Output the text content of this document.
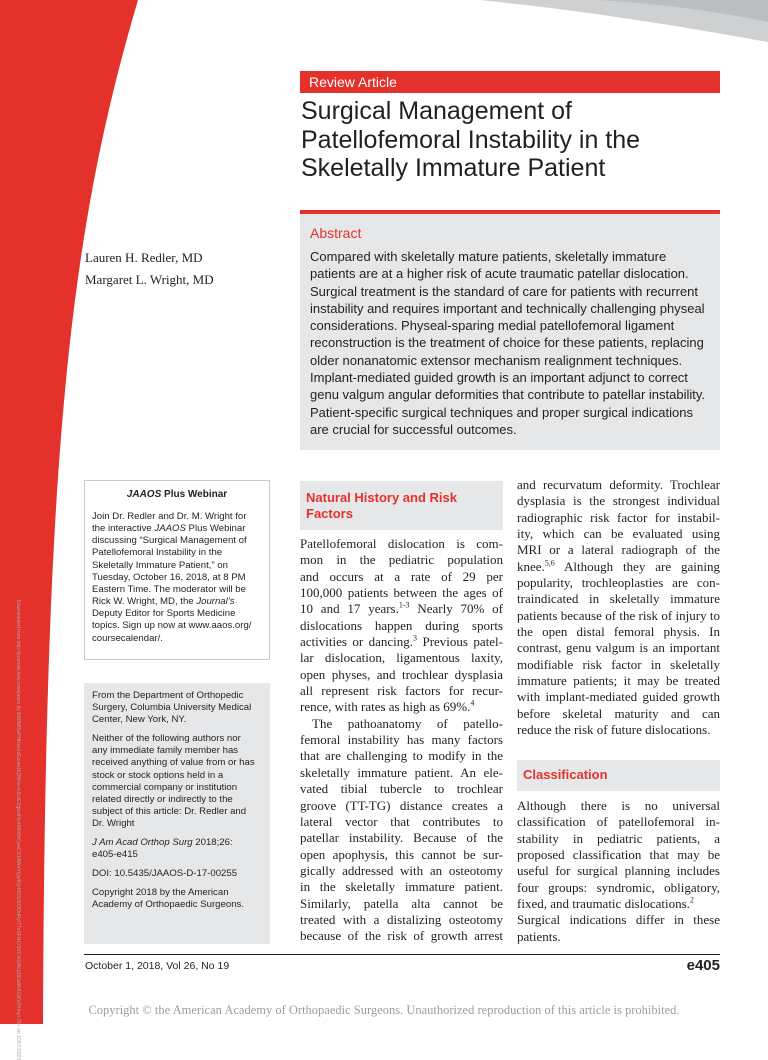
Downloaded from http://journals.lww.com/jaaos by BhDMf5ePHKav1zEoum1tQfN4a+kJLhEZgbsIHo4XMi0hCywCX1AWnYQp/IlQrHD3i3D0OdRyi7TvSFl4Cf3VC4/OAVpDDa8KKGKV0Ymy+78= on 10/07/2023
Review Article
Surgical Management of
Patellofemoral Instability in the
Skeletally Immature Patient
Lauren H. Redler, MD
Margaret L. Wright, MD
Abstract
Compared with skeletally mature patients, skeletally immature
patients are at a higher risk of acute traumatic patellar dislocation.
Surgical treatment is the standard of care for patients with recurrent
instability and requires important and technically challenging physeal
considerations. Physeal-sparing medial patellofemoral ligament
reconstruction is the treatment of choice for these patients, replacing
older nonanatomic extensor mechanism realignment techniques.
Implant-mediated guided growth is an important adjunct to correct
genu valgum angular deformities that contribute to patellar instability.
Patient-specific surgical techniques and proper surgical indications
are crucial for successful outcomes.
JAAOS Plus Webinar
Join Dr. Redler and Dr. M. Wright for
the interactive JAAOS Plus Webinar
discussing “Surgical Management of
Patellofemoral Instability in the
Skeletally Immature Patient,” on
Tuesday, October 16, 2018, at 8 PM
Eastern Time. The moderator will be
Rick W. Wright, MD, the Journal’s
Deputy Editor for Sports Medicine
topics. Sign up now at www.aaos.org/
coursecalendar/.
From the Department of Orthopedic
Surgery, Columbia University Medical
Center, New York, NY.
Neither of the following authors nor
any immediate family member has
received anything of value from or has
stock or stock options held in a
commercial company or institution
related directly or indirectly to the
subject of this article: Dr. Redler and
Dr. Wright
J Am Acad Orthop Surg 2018;26:
e405-e415
DOI: 10.5435/JAAOS-D-17-00255
Copyright 2018 by the American
Academy of Orthopaedic Surgeons.
Natural History and Risk
Factors
Patellofemoral dislocation is com-
mon in the pediatric population
and occurs at a rate of 29 per
100,000 patients between the ages of
10 and 17 years.$^{1-3}$ Nearly 70% of
dislocations happen during sports
activities or dancing.$^3$ Previous patel-
lar dislocation, ligamentous laxity,
open physes, and trochlear dysplasia
all represent risk factors for recur-
rence, with rates as high as 69%.$^4$
The pathoanatomy of patello-
femoral instability has many factors
that are challenging to modify in the
skeletally immature patient. An ele-
vated tibial tubercle to trochlear
groove (TT-TG) distance creates a
lateral vector that contributes to
patellar instability. Because of the
open apophysis, this cannot be sur-
gically addressed with an osteotomy
in the skeletally immature patient.
Similarly, patella alta cannot be
treated with a distalizing osteotomy
because of the risk of growth arrest
and recurvatum deformity. Trochlear
dysplasia is the strongest individual
radiographic risk factor for instabil-
ity, which can be evaluated using
MRI or a lateral radiograph of the
knee.$^{5,6}$ Although they are gaining
popularity, trochleoplasties are con-
traindicated in skeletally immature
patients because of the risk of injury to
the open distal femoral physis. In
contrast, genu valgum is an important
modifiable risk factor in skeletally
immature patients; it may be treated
with implant-mediated guided growth
before skeletal maturity and can
reduce the risk of future dislocations.
Classification
Although there is no universal
classification of patellofemoral in-
stability in pediatric patients, a
proposed classification that may be
useful for surgical planning includes
four groups: syndromic, obligatory,
fixed, and traumatic dislocations.$^2$
Surgical indications differ in these
patients.
October 1, 2018, Vol 26, No 19	e405
Copyright © the American Academy of Orthopaedic Surgeons. Unauthorized reproduction of this article is prohibited.
